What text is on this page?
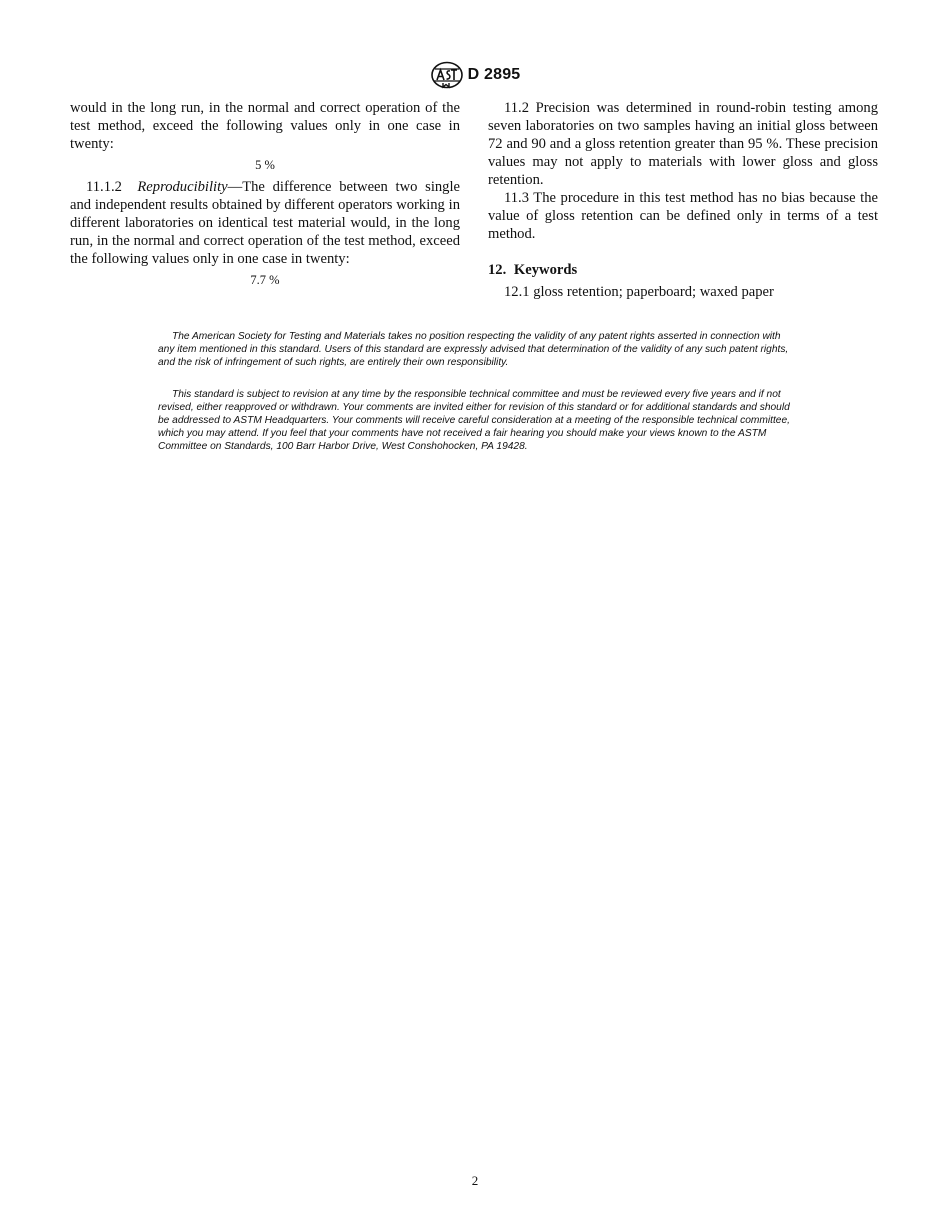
D 2895

would in the long run, in the normal and correct operation of the test method, exceed the following values only in one case in twenty:

5 %

11.1.2 Reproducibility—The difference between two single and independent results obtained by different operators working in different laboratories on identical test material would, in the long run, in the normal and correct operation of the test method, exceed the following values only in one case in twenty:

7.7 %

11.2 Precision was determined in round-robin testing among seven laboratories on two samples having an initial gloss between 72 and 90 and a gloss retention greater than 95 %. These precision values may not apply to materials with lower gloss and gloss retention.

11.3 The procedure in this test method has no bias because the value of gloss retention can be defined only in terms of a test method.

12. Keywords

12.1 gloss retention; paperboard; waxed paper

The American Society for Testing and Materials takes no position respecting the validity of any patent rights asserted in connection with any item mentioned in this standard. Users of this standard are expressly advised that determination of the validity of any such patent rights, and the risk of infringement of such rights, are entirely their own responsibility.

This standard is subject to revision at any time by the responsible technical committee and must be reviewed every five years and if not revised, either reapproved or withdrawn. Your comments are invited either for revision of this standard or for additional standards and should be addressed to ASTM Headquarters. Your comments will receive careful consideration at a meeting of the responsible technical committee, which you may attend. If you feel that your comments have not received a fair hearing you should make your views known to the ASTM Committee on Standards, 100 Barr Harbor Drive, West Conshohocken, PA 19428.

2
